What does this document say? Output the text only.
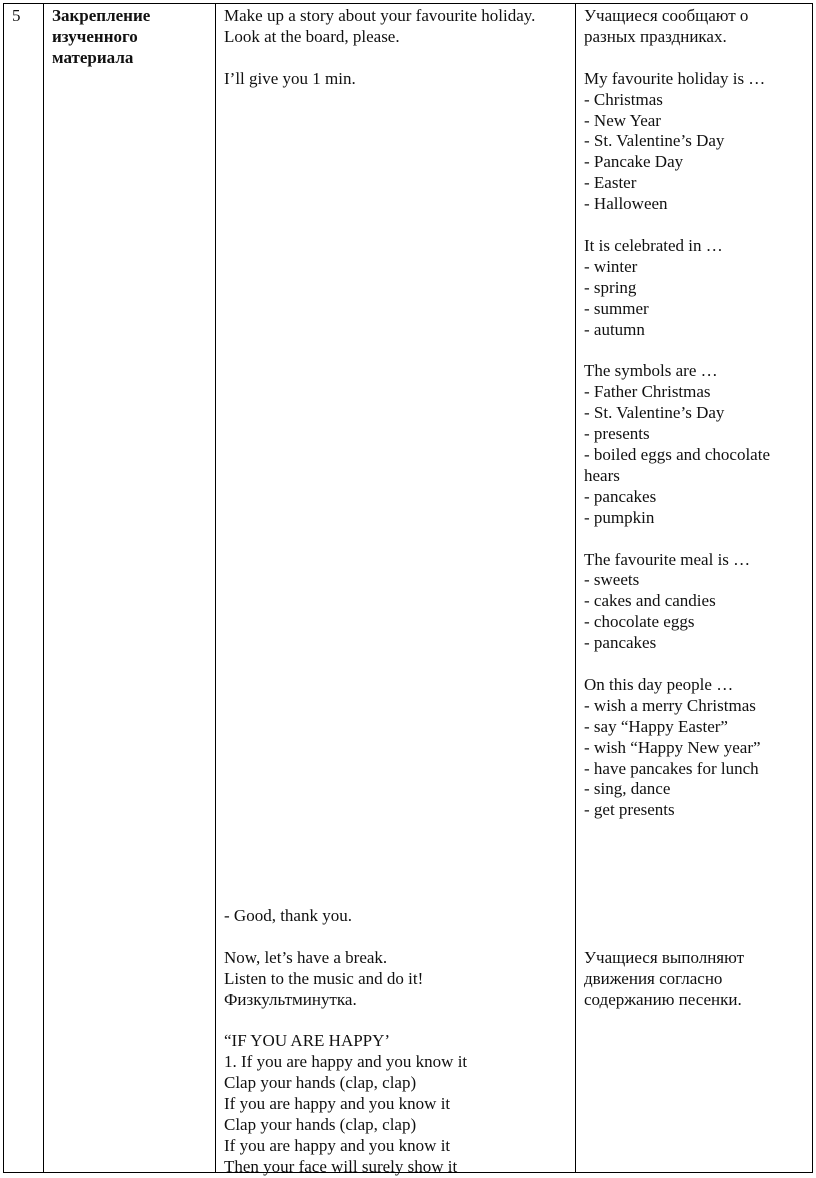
5 Закрепление
изученного
материала
Make up a story about your favourite holiday.
Look at the board, please.
I’ll give you 1 min.
- Good, thank you.
Now, let’s have a break.
Listen to the music and do it!
Физкультминутка.
“IF YOU ARE HAPPY’
1. If you are happy and you know it
Clap your hands (clap, clap)
If you are happy and you know it
Clap your hands (clap, clap)
If you are happy and you know it
Then your face will surely show it
Учащиеся сообщают о
разных праздниках.
My favourite holiday is …
- Christmas
- New Year
- St. Valentine’s Day
- Pancake Day
- Easter
- Halloween
It is celebrated in …
- winter
- spring
- summer
- autumn
The symbols are …
- Father Christmas
- St. Valentine’s Day
- presents
- boiled eggs and chocolate
hears
- pancakes
- pumpkin
The favourite meal is …
- sweets
- cakes and candies
- chocolate eggs
- pancakes
On this day people …
- wish a merry Christmas
- say “Happy Easter”
- wish “Happy New year”
- have pancakes for lunch
- sing, dance
- get presents
Учащиеся выполняют
движения согласно
содержанию песенки.
